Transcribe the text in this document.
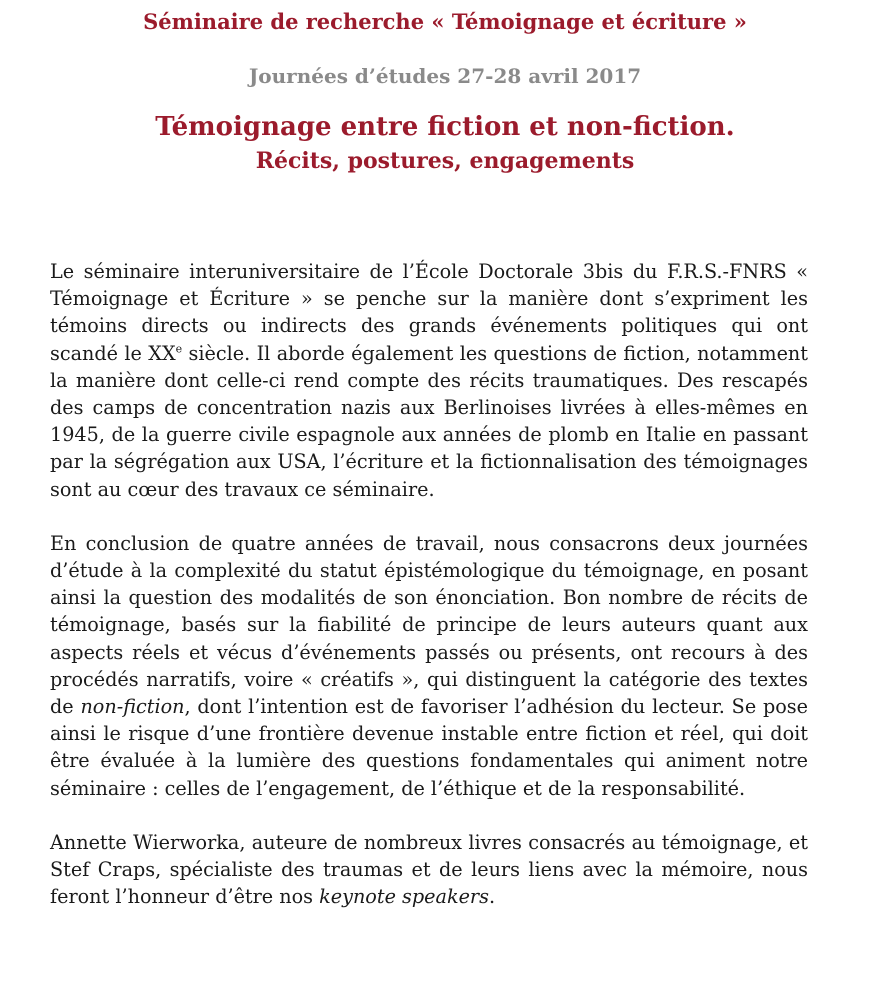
Séminaire de recherche « Témoignage et écriture »

Journées d’études 27-28 avril 2017

Témoignage entre fiction et non-fiction.

Récits, postures, engagements

Le séminaire interuniversitaire de l’École Doctorale 3bis du F.R.S.-FNRS « Témoignage et Écriture » se penche sur la manière dont s’expriment les témoins directs ou indirects des grands événements politiques qui ont scandé le XXe siècle. Il aborde également les questions de fiction, notamment la manière dont celle-ci rend compte des récits traumatiques. Des rescapés des camps de concentration nazis aux Berlinoises livrées à elles-mêmes en 1945, de la guerre civile espagnole aux années de plomb en Italie en passant par la ségrégation aux USA, l’écriture et la fictionnalisation des témoignages sont au cœur des travaux ce séminaire.

En conclusion de quatre années de travail, nous consacrons deux journées d’étude à la complexité du statut épistémologique du témoignage, en posant ainsi la question des modalités de son énonciation. Bon nombre de récits de témoignage, basés sur la fiabilité de principe de leurs auteurs quant aux aspects réels et vécus d’événements passés ou présents, ont recours à des procédés narratifs, voire « créatifs », qui distinguent la catégorie des textes de non-fiction, dont l’intention est de favoriser l’adhésion du lecteur. Se pose ainsi le risque d’une frontière devenue instable entre fiction et réel, qui doit être évaluée à la lumière des questions fondamentales qui animent notre séminaire : celles de l’engagement, de l’éthique et de la responsabilité.

Annette Wierworka, auteure de nombreux livres consacrés au témoignage, et Stef Craps, spécialiste des traumas et de leurs liens avec la mémoire, nous feront l’honneur d’être nos keynote speakers.
